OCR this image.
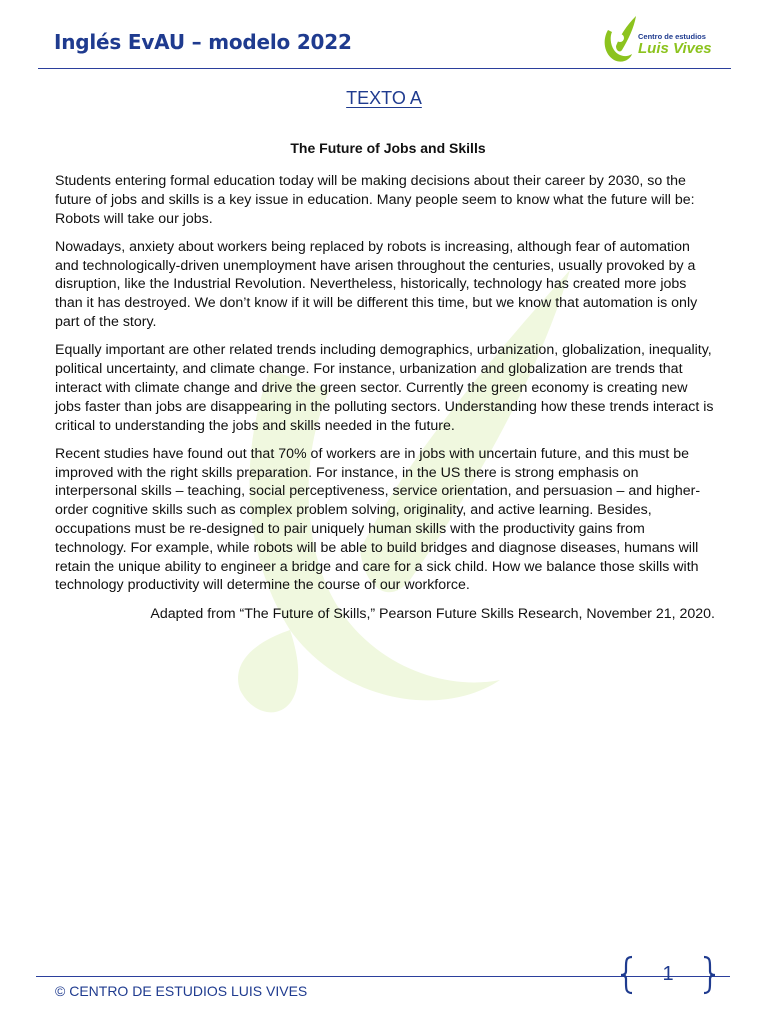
Inglés EvAU – modelo 2022	Centro de estudios
Luis Vives
TEXTO A
The Future of Jobs and Skills

Students entering formal education today will be making decisions about their career by 2030, so the future of jobs and skills is a key issue in education. Many people seem to know what the future will be: Robots will take our jobs.

Nowadays, anxiety about workers being replaced by robots is increasing, although fear of automation and technologically-driven unemployment have arisen throughout the centuries, usually provoked by a disruption, like the Industrial Revolution. Nevertheless, historically, technology has created more jobs than it has destroyed. We don’t know if it will be different this time, but we know that automation is only part of the story.

Equally important are other related trends including demographics, urbanization, globalization, inequality, political uncertainty, and climate change. For instance, urbanization and globalization are trends that interact with climate change and drive the green sector. Currently the green economy is creating new jobs faster than jobs are disappearing in the polluting sectors. Understanding how these trends interact is critical to understanding the jobs and skills needed in the future.

Recent studies have found out that 70% of workers are in jobs with uncertain future, and this must be improved with the right skills preparation. For instance, in the US there is strong emphasis on interpersonal skills – teaching, social perceptiveness, service orientation, and persuasion – and higher-order cognitive skills such as complex problem solving, originality, and active learning. Besides, occupations must be re-designed to pair uniquely human skills with the productivity gains from technology. For example, while robots will be able to build bridges and diagnose diseases, humans will retain the unique ability to engineer a bridge and care for a sick child. How we balance those skills with technology productivity will determine the course of our workforce.

Adapted from “The Future of Skills,” Pearson Future Skills Research, November 21, 2020.

© CENTRO DE ESTUDIOS LUIS VIVES
1
